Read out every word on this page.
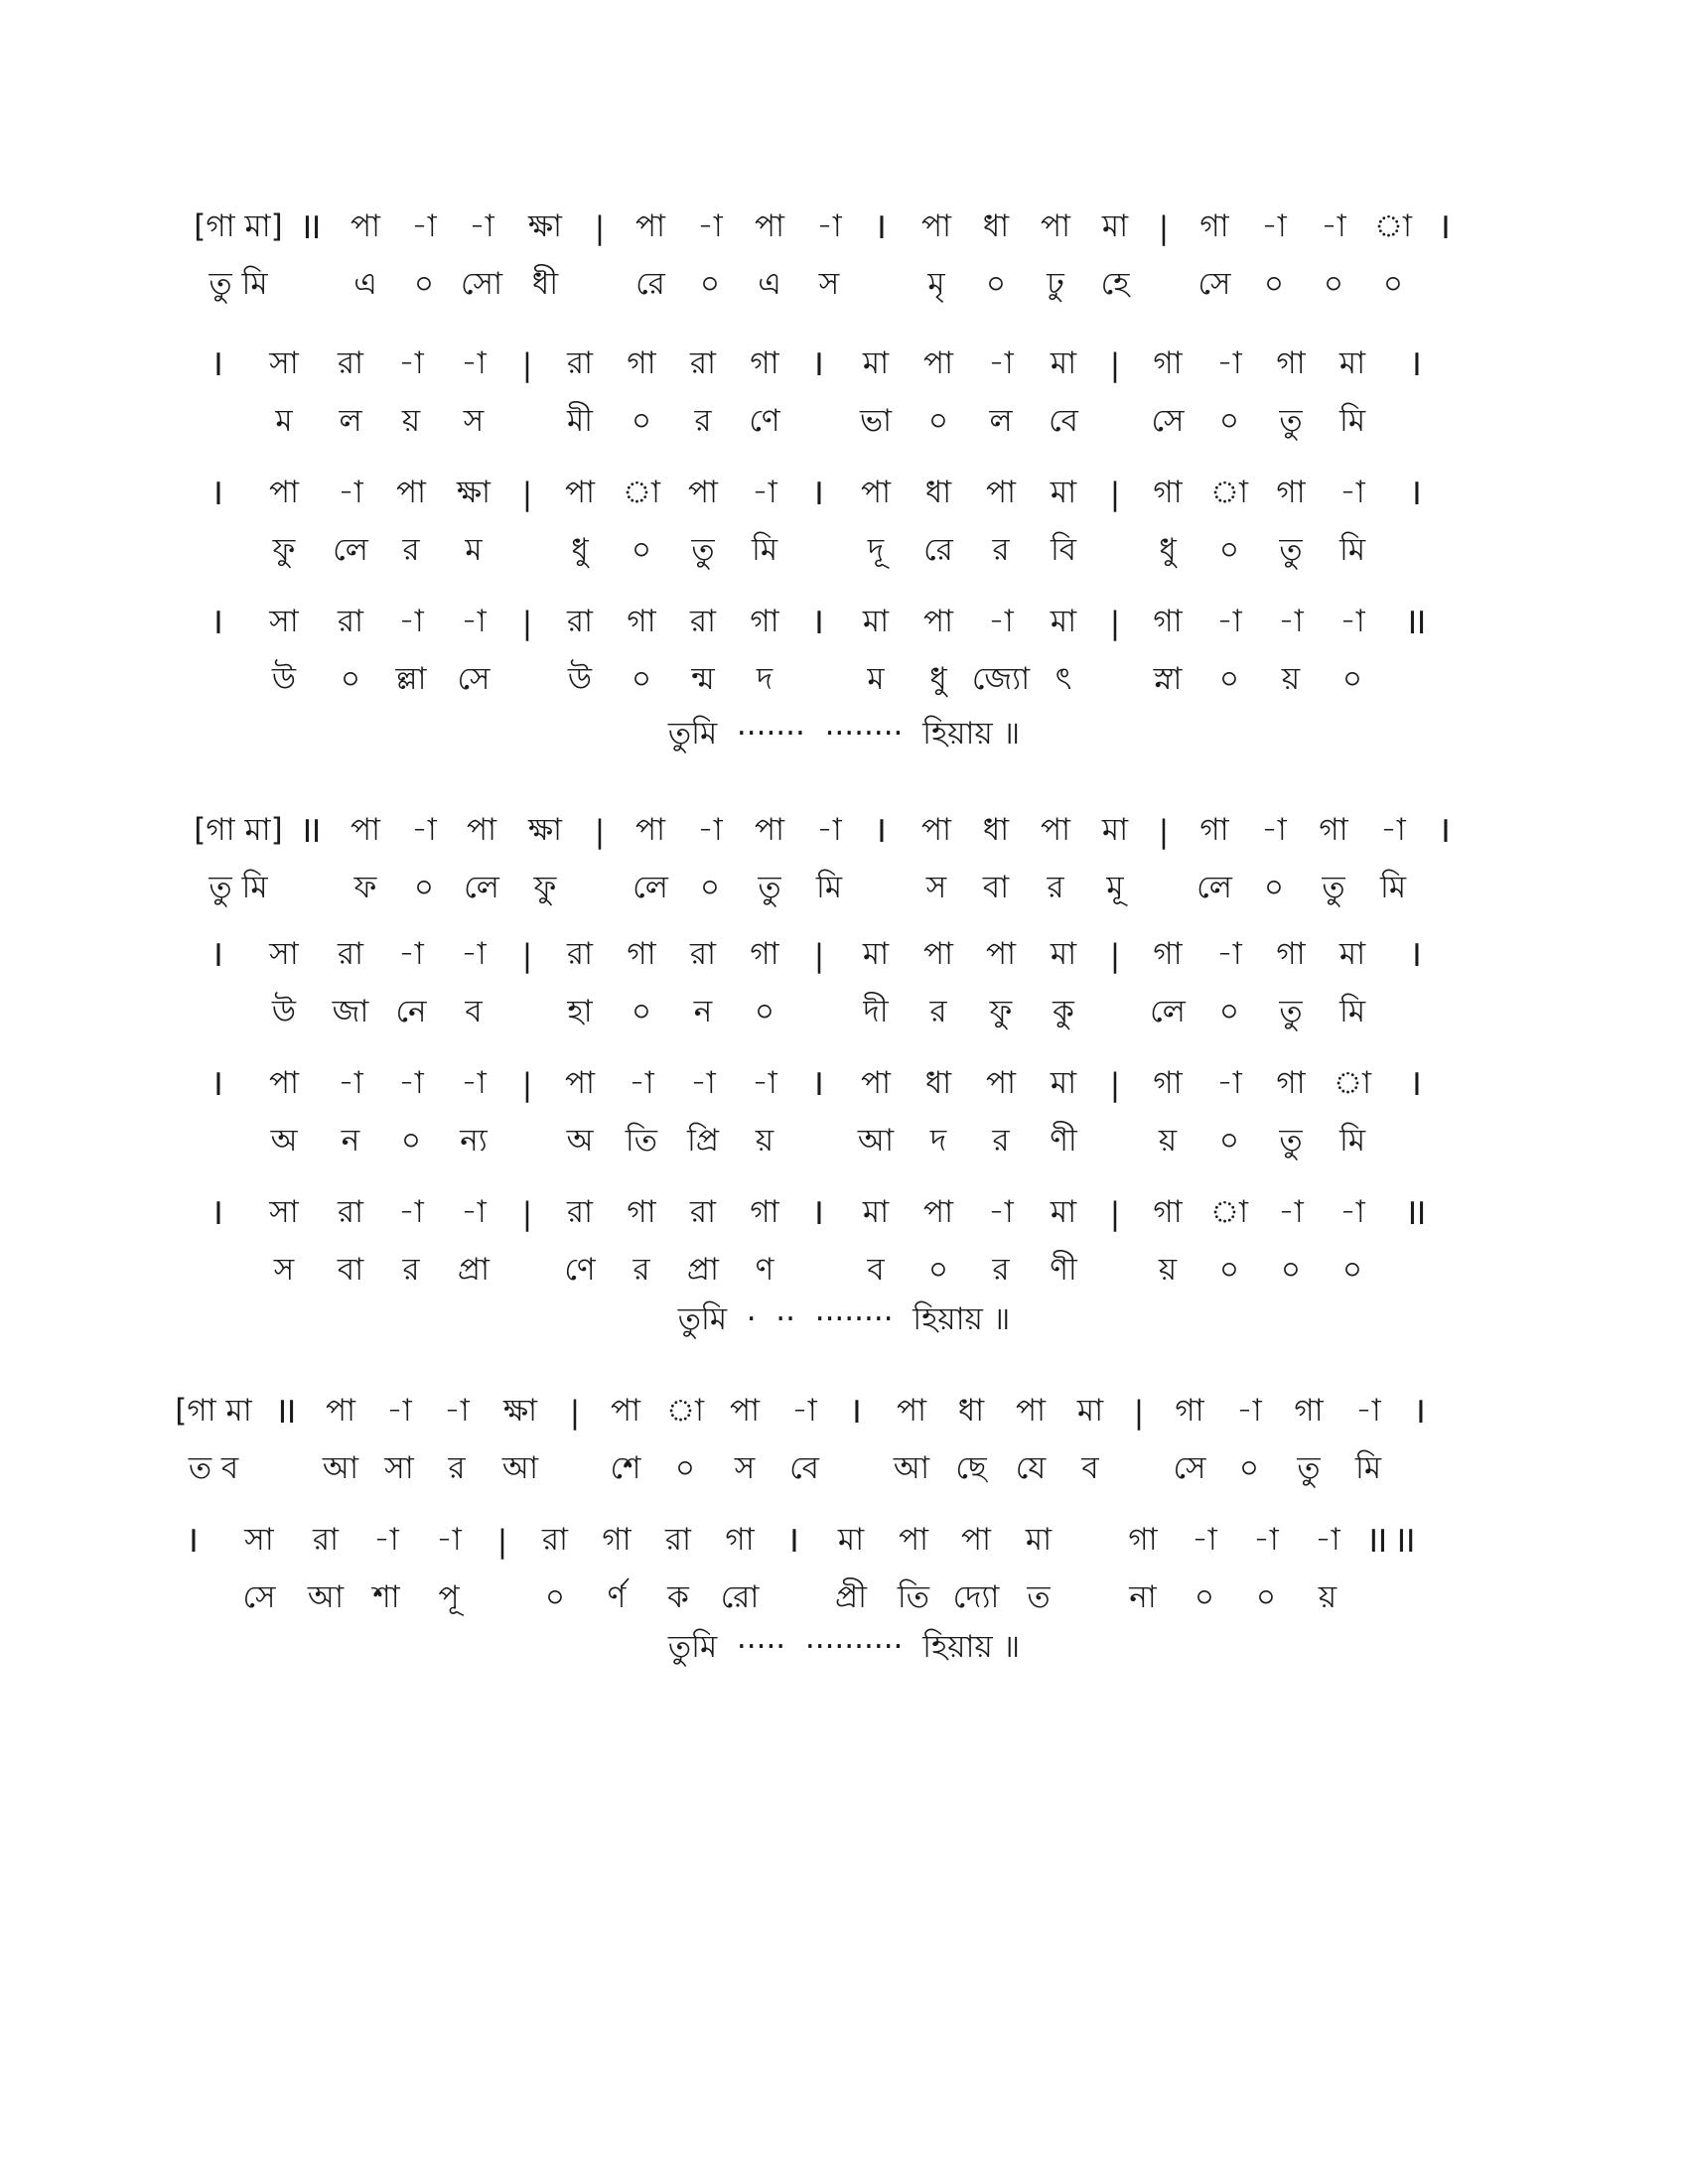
[গা মা] II পা	-া	-া	ক্ষা	| পা	-া	পা	-া	I	পা	ধা	পা	মা |	গা	-া	-া া I
তু মি	এ	০ সো ধী	রে	০	এ	স	মৃ	০	ঢু	হে	সে	০	০	০
I	সা	রা	-া	-া	|	রা	গা	রা	গা	I	মা	পা	-া	মা	|	গা	-া	গা	মা	I
ম	ল	য়	স	মী	০	র	ণে	ভা	০	ল	বে	সে	০	তু	মি
I	পা	-া	পা ক্ষা	|	পা া পা	-া	I	পা	ধা	পা	মা	|	গা া গা	-া	I
ফু	লে	র	ম	ধু	০	তু	মি	দূ	রে	র	বি	ধু	০	তু	মি
I	সা	রা	-া	-া	|	রা	গা	রা	গা	I	মা	পা	-া	মা	|	গা	-া	-া	-া	II
উ	০	ল্লা সে	উ	০	ন্ম	দ	ম	ধু জ্যো ৎ	স্না	০	য়	০
তুমি  ·······  ········  হিয়ায় ॥
[গা মা] II পা	-া পা	ক্ষা	| পা	-া	পা	-া	I	পা	ধা	পা	মা |	গা	-া	গা	-া	I
তু মি	ফ	০ লে	ফু	লে	০	তু	মি	স	বা	র	মূ	লে	০	তু	মি
I	সা	রা	-া	-া	|	রা	গা	রা	গা	|	মা	পা	পা	মা	|	গা	-া	গা	মা	I
উ	জা নে	ব	হা	০	ন	০	দী	র	ফু	কু	লে	০	তু	মি
I	পা	-া	-া	-া	|	পা	-া	-া	-া	I	পা	ধা	পা	মা	|	গা	-া	গা া	I
অ	ন	০	ন্য	অ	তি প্রি	য়	আ	দ	র	ণী	য়	০	তু	মি
I	সা	রা	-া	-া	|	রা	গা	রা	গা	I	মা	পা	-া	মা	|	গা া -া	-া	II
স	বা	র	প্রা	ণে	র	প্রা	ণ	ব	০	র	ণী	য়	০	০	০
তুমি  ·  ··  ········  হিয়ায় ॥
[গা মা II পা	-া	-া	ক্ষা	| পা া পা	-া	I	পা	ধা	পা	মা |	গা	-া	গা	-া	I
ত ব	আ সা	র	আ	শে	০	স	বে	আ ছে যে	ব	সে	০	তু	মি
I	সা	রা	-া	-া	|	রা	গা	রা	গা	I	মা	পা	পা	মা	গা	-া	-া	-া II II
সে	আ শা	পূ	০	র্ণ	ক	রো	প্রী তি দ্যো ত	না	০	০	য়
তুমি  ·····  ··········  হিয়ায় ॥
